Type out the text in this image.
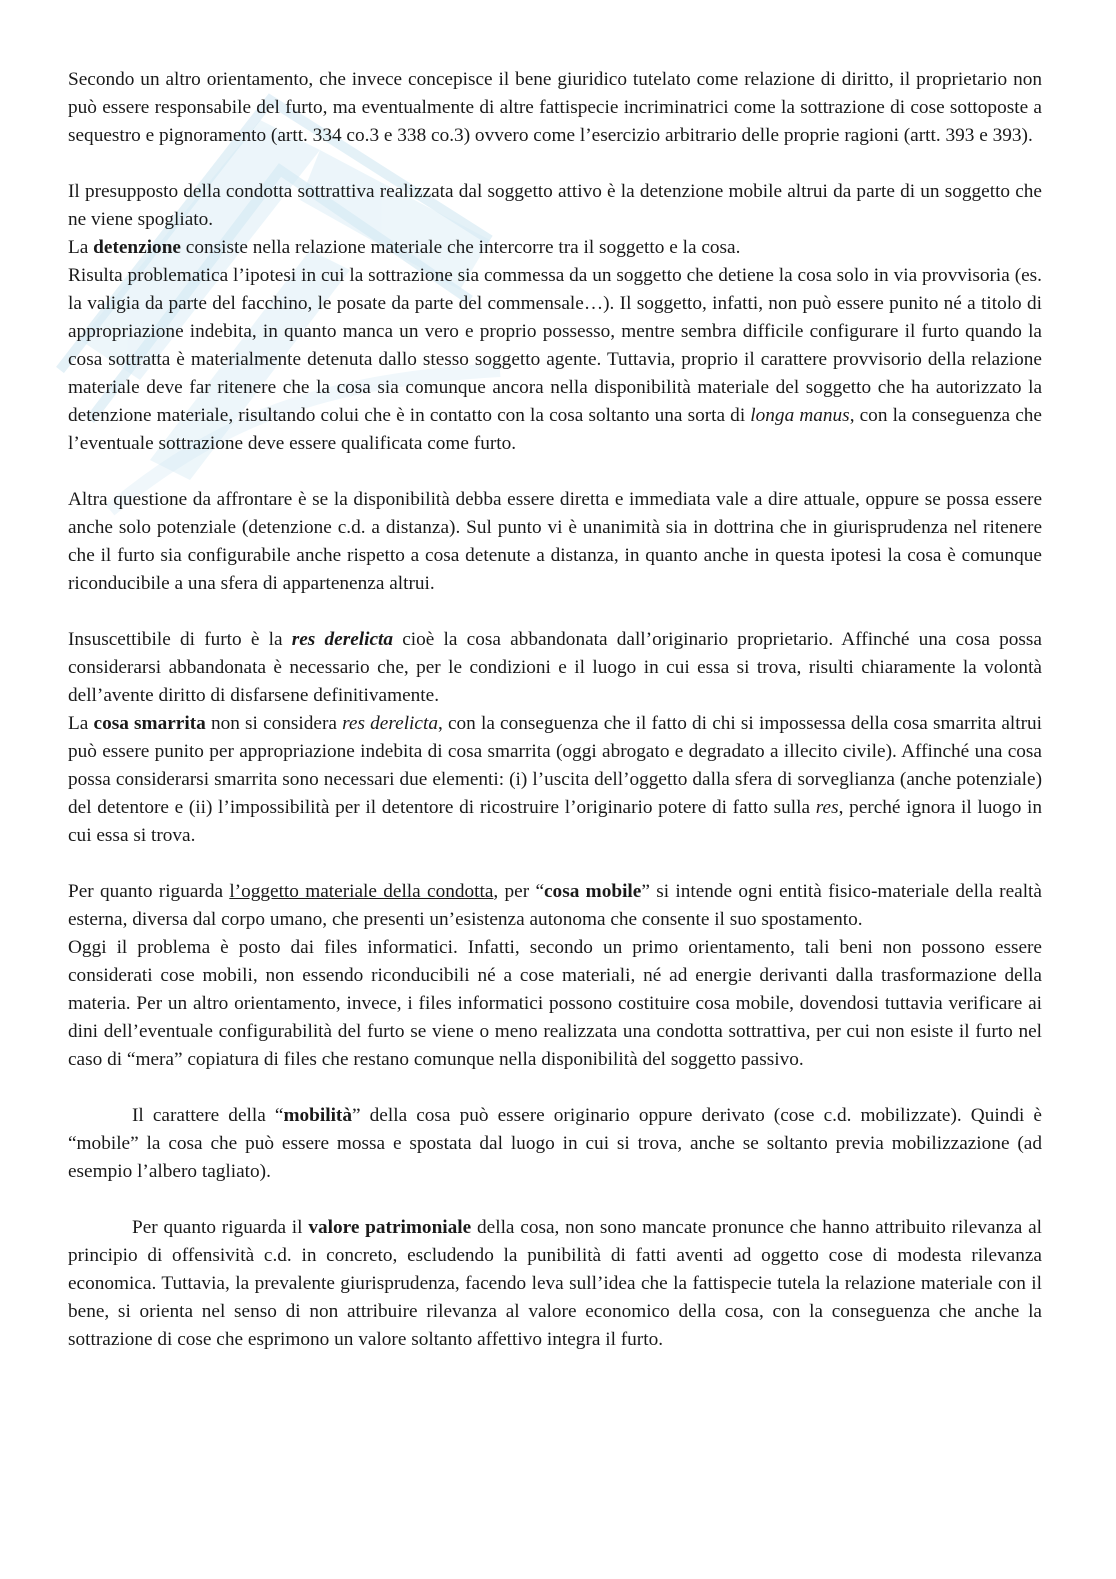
Secondo un altro orientamento, che invece concepisce il bene giuridico tutelato come relazione di diritto, il proprietario non può essere responsabile del furto, ma eventualmente di altre fattispecie incriminatrici come la sottrazione di cose sottoposte a sequestro e pignoramento (artt. 334 co.3 e 338 co.3) ovvero come l’esercizio arbitrario delle proprie ragioni (artt. 393 e 393).

Il presupposto della condotta sottrattiva realizzata dal soggetto attivo è la detenzione mobile altrui da parte di un soggetto che ne viene spogliato.

La detenzione consiste nella relazione materiale che intercorre tra il soggetto e la cosa.

Risulta problematica l’ipotesi in cui la sottrazione sia commessa da un soggetto che detiene la cosa solo in via provvisoria (es. la valigia da parte del facchino, le posate da parte del commensale…). Il soggetto, infatti, non può essere punito né a titolo di appropriazione indebita, in quanto manca un vero e proprio possesso, mentre sembra difficile configurare il furto quando la cosa sottratta è materialmente detenuta dallo stesso soggetto agente. Tuttavia, proprio il carattere provvisorio della relazione materiale deve far ritenere che la cosa sia comunque ancora nella disponibilità materiale del soggetto che ha autorizzato la detenzione materiale, risultando colui che è in contatto con la cosa soltanto una sorta di longa manus, con la conseguenza che l’eventuale sottrazione deve essere qualificata come furto.

Altra questione da affrontare è se la disponibilità debba essere diretta e immediata vale a dire attuale, oppure se possa essere anche solo potenziale (detenzione c.d. a distanza). Sul punto vi è unanimità sia in dottrina che in giurisprudenza nel ritenere che il furto sia configurabile anche rispetto a cosa detenute a distanza, in quanto anche in questa ipotesi la cosa è comunque riconducibile a una sfera di appartenenza altrui.

Insuscettibile di furto è la res derelicta cioè la cosa abbandonata dall’originario proprietario. Affinché una cosa possa considerarsi abbandonata è necessario che, per le condizioni e il luogo in cui essa si trova, risulti chiaramente la volontà dell’avente diritto di disfarsene definitivamente.

La cosa smarrita non si considera res derelicta, con la conseguenza che il fatto di chi si impossessa della cosa smarrita altrui può essere punito per appropriazione indebita di cosa smarrita (oggi abrogato e degradato a illecito civile). Affinché una cosa possa considerarsi smarrita sono necessari due elementi: (i) l’uscita dell’oggetto dalla sfera di sorveglianza (anche potenziale) del detentore e (ii) l’impossibilità per il detentore di ricostruire l’originario potere di fatto sulla res, perché ignora il luogo in cui essa si trova.

Per quanto riguarda l’oggetto materiale della condotta, per “cosa mobile” si intende ogni entità fisico-materiale della realtà esterna, diversa dal corpo umano, che presenti un’esistenza autonoma che consente il suo spostamento.

Oggi il problema è posto dai files informatici. Infatti, secondo un primo orientamento, tali beni non possono essere considerati cose mobili, non essendo riconducibili né a cose materiali, né ad energie derivanti dalla trasformazione della materia. Per un altro orientamento, invece, i files informatici possono costituire cosa mobile, dovendosi tuttavia verificare ai dini dell’eventuale configurabilità del furto se viene o meno realizzata una condotta sottrattiva, per cui non esiste il furto nel caso di “mera” copiatura di files che restano comunque nella disponibilità del soggetto passivo.

Il carattere della “mobilità” della cosa può essere originario oppure derivato (cose c.d. mobilizzate). Quindi è “mobile” la cosa che può essere mossa e spostata dal luogo in cui si trova, anche se soltanto previa mobilizzazione (ad esempio l’albero tagliato).

Per quanto riguarda il valore patrimoniale della cosa, non sono mancate pronunce che hanno attribuito rilevanza al principio di offensività c.d. in concreto, escludendo la punibilità di fatti aventi ad oggetto cose di modesta rilevanza economica. Tuttavia, la prevalente giurisprudenza, facendo leva sull’idea che la fattispecie tutela la relazione materiale con il bene, si orienta nel senso di non attribuire rilevanza al valore economico della cosa, con la conseguenza che anche la sottrazione di cose che esprimono un valore soltanto affettivo integra il furto.
